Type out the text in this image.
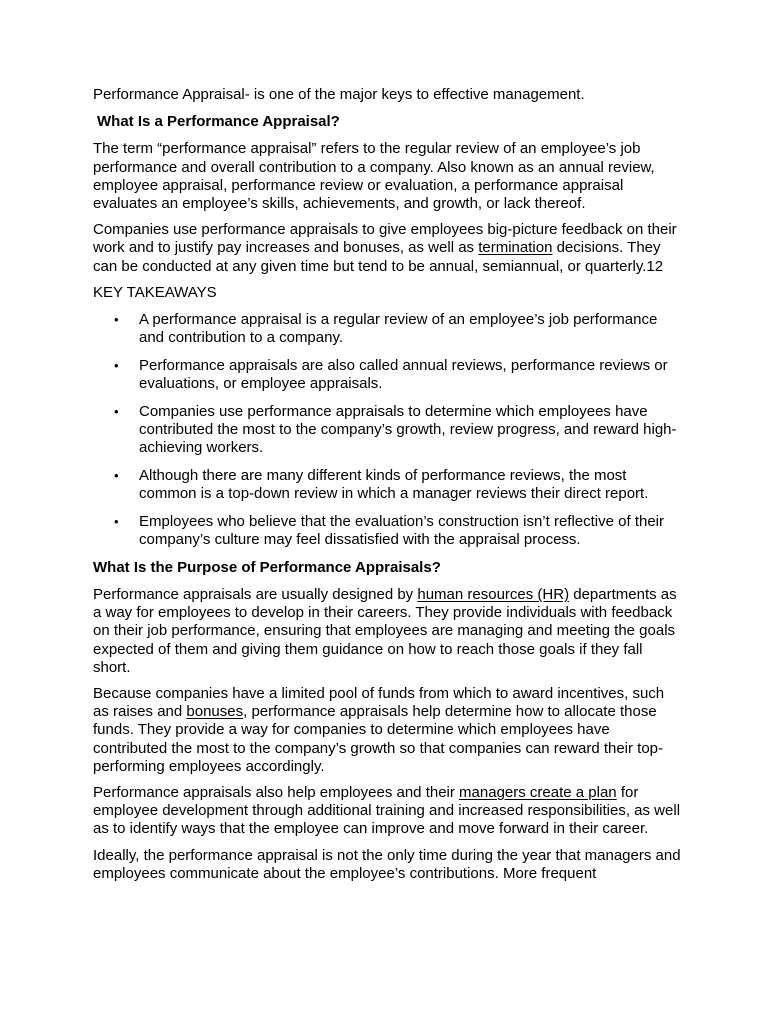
Performance Appraisal- is one of the major keys to effective management.

What Is a Performance Appraisal?

The term “performance appraisal” refers to the regular review of an employee’s job performance and overall contribution to a company. Also known as an annual review, employee appraisal, performance review or evaluation, a performance appraisal evaluates an employee’s skills, achievements, and growth, or lack thereof.

Companies use performance appraisals to give employees big-picture feedback on their work and to justify pay increases and bonuses, as well as termination decisions. They can be conducted at any given time but tend to be annual, semiannual, or quarterly.12

KEY TAKEAWAYS

• A performance appraisal is a regular review of an employee’s job performance and contribution to a company.
• Performance appraisals are also called annual reviews, performance reviews or evaluations, or employee appraisals.
• Companies use performance appraisals to determine which employees have contributed the most to the company’s growth, review progress, and reward high-achieving workers.
• Although there are many different kinds of performance reviews, the most common is a top-down review in which a manager reviews their direct report.
• Employees who believe that the evaluation’s construction isn’t reflective of their company’s culture may feel dissatisfied with the appraisal process.

What Is the Purpose of Performance Appraisals?

Performance appraisals are usually designed by human resources (HR) departments as a way for employees to develop in their careers. They provide individuals with feedback on their job performance, ensuring that employees are managing and meeting the goals expected of them and giving them guidance on how to reach those goals if they fall short.

Because companies have a limited pool of funds from which to award incentives, such as raises and bonuses, performance appraisals help determine how to allocate those funds. They provide a way for companies to determine which employees have contributed the most to the company’s growth so that companies can reward their top-performing employees accordingly.

Performance appraisals also help employees and their managers create a plan for employee development through additional training and increased responsibilities, as well as to identify ways that the employee can improve and move forward in their career.

Ideally, the performance appraisal is not the only time during the year that managers and employees communicate about the employee’s contributions. More frequent
